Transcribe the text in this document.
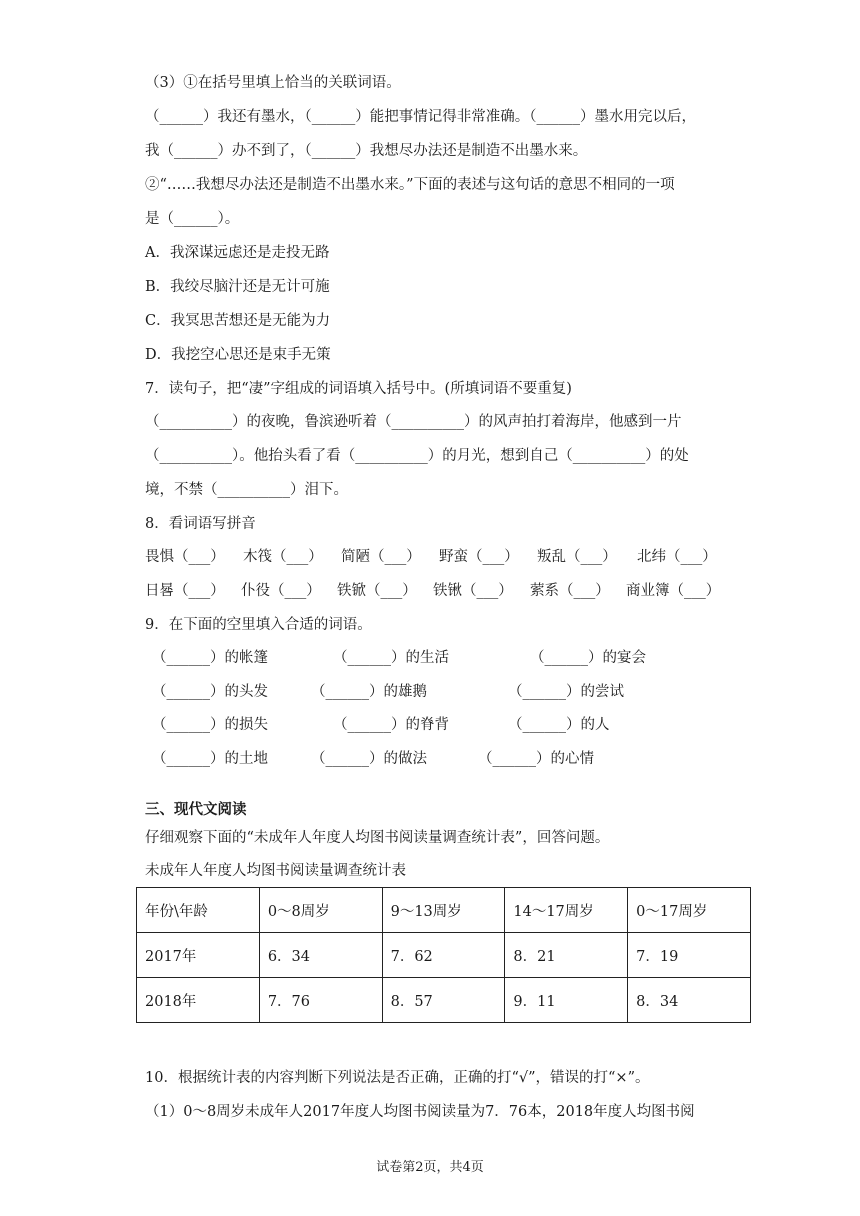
（3）①在括号里填上恰当的关联词语。
（______）我还有墨水，（______）能把事情记得非常准确。（______）墨水用完以后，
我（______）办不到了，（______）我想尽办法还是制造不出墨水来。
②“……我想尽办法还是制造不出墨水来。”下面的表述与这句话的意思不相同的一项
是（______）。
A．我深谋远虑还是走投无路
B．我绞尽脑汁还是无计可施
C．我冥思苦想还是无能为力
D．我挖空心思还是束手无策
7．读句子，把“凄”字组成的词语填入括号中。(所填词语不要重复)
（__________）的夜晚，鲁滨逊听着（__________）的风声拍打着海岸，他感到一片
（__________）。他抬头看了看（__________）的月光，想到自己（__________）的处
境，不禁（__________）泪下。
8．看词语写拼音
畏惧（___） 木筏（___） 简陋（___） 野蛮（___） 叛乱（___） 北纬（___）
日晷（___） 仆役（___） 铁锨（___） 铁锹（___） 萦系（___） 商业簿（___）
9．在下面的空里填入合适的词语。
（______）的帐篷	（______）的生活	（______）的宴会
（______）的头发	（______）的雄鹅	（______）的尝试
（______）的损失	（______）的脊背	（______）的人
（______）的土地	（______）的做法	（______）的心情
三、现代文阅读
仔细观察下面的“未成年人年度人均图书阅读量调查统计表”，回答问题。
未成年人年度人均图书阅读量调查统计表
年份\年龄	0～8周岁	9～13周岁	14～17周岁	0～17周岁
2017年	6．34	7．62	8．21	7．19
2018年	7．76	8．57	9．11	8．34
10．根据统计表的内容判断下列说法是否正确，正确的打“√”，错误的打“×”。
（1）0～8周岁未成年人2017年度人均图书阅读量为7．76本，2018年度人均图书阅
试卷第2页，共4页
